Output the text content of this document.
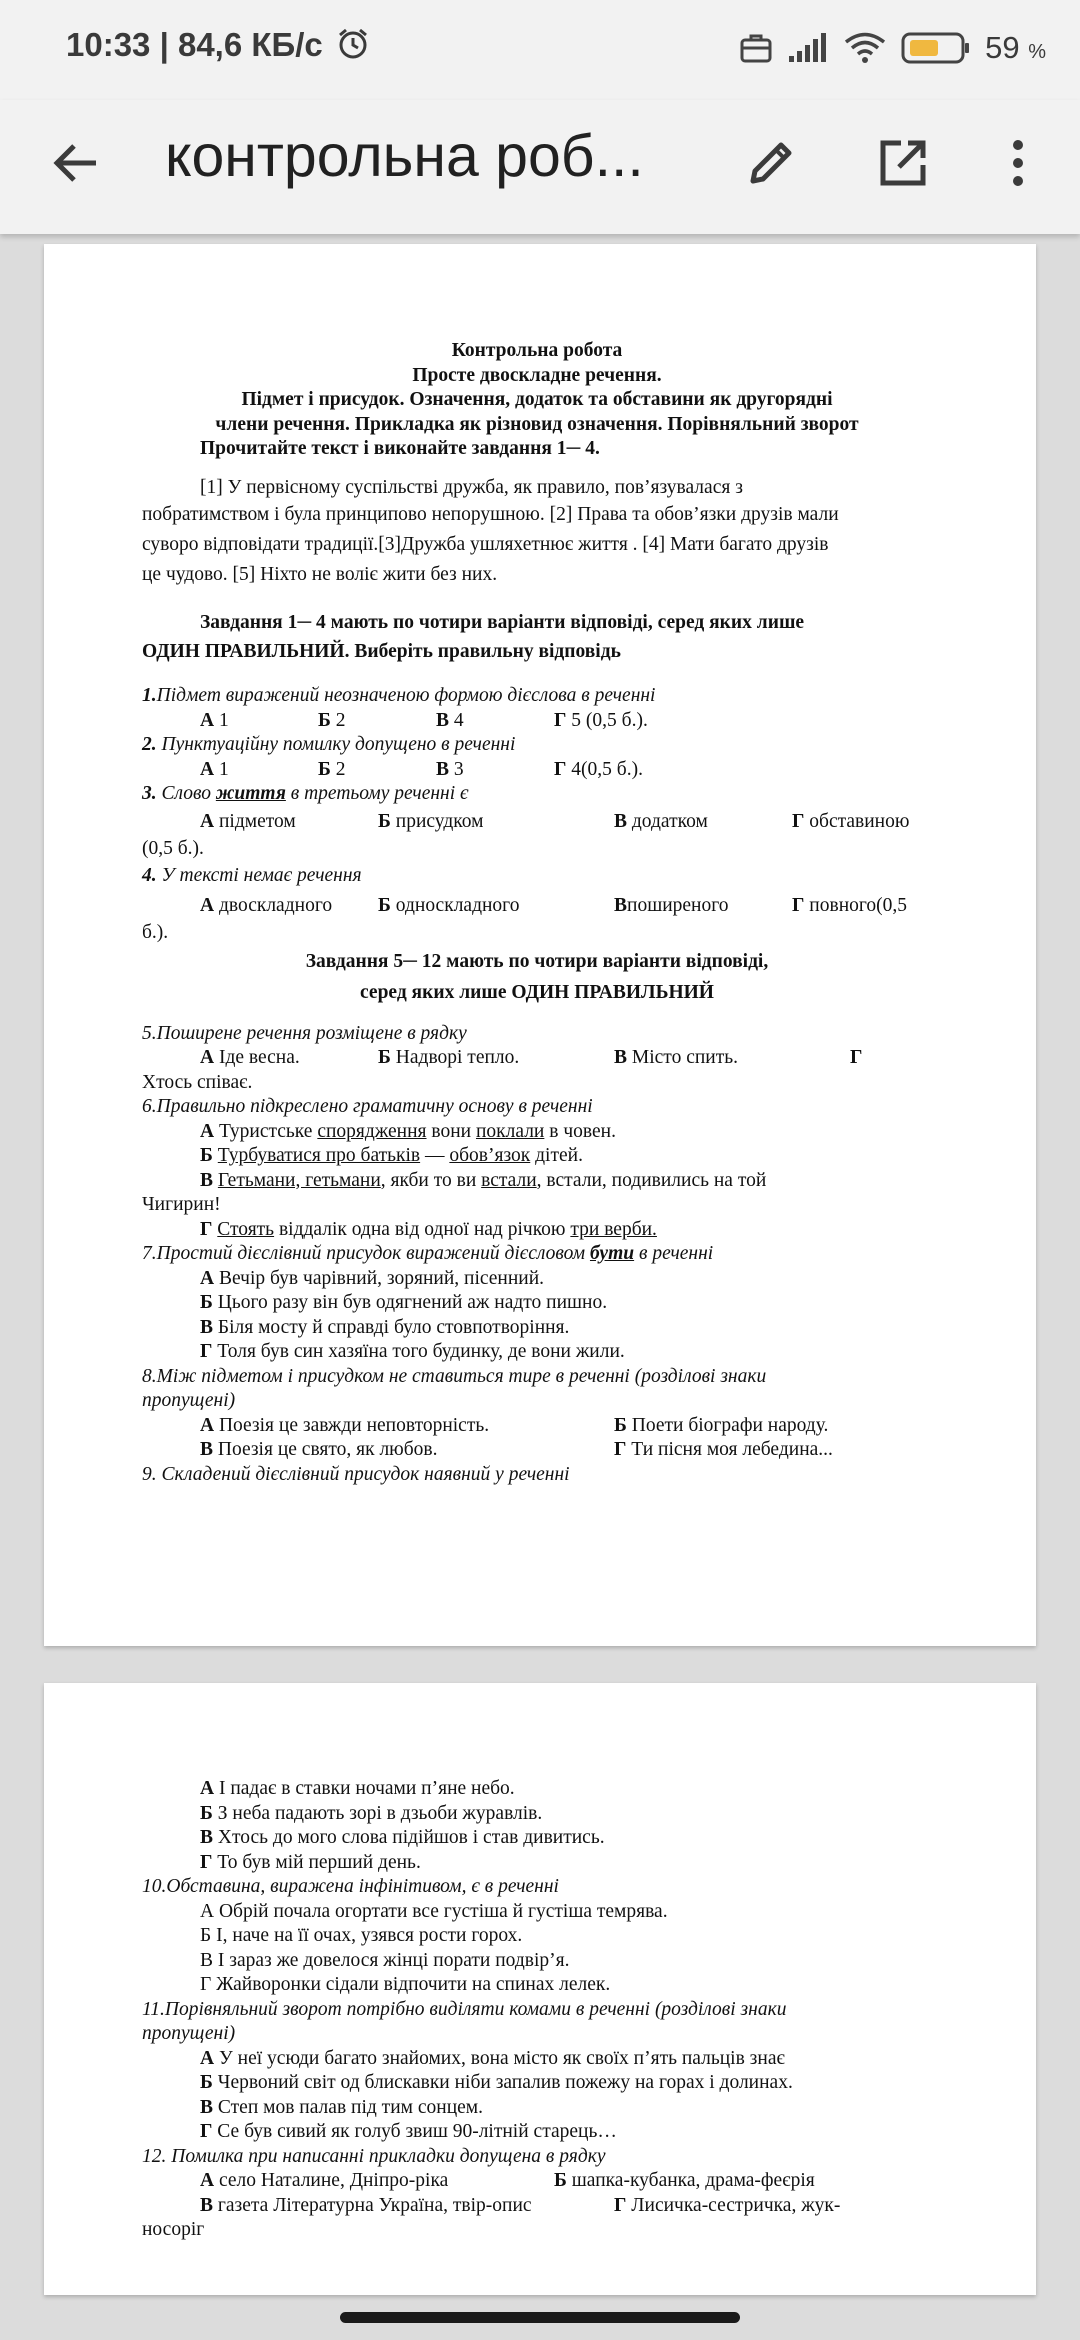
10:33 | 84,6 КБ/с	59 %
контрольна роб...
Контрольна робота
Просте двоскладне речення.
Підмет і присудок. Означення, додаток та обставини як другорядні
члени речення. Прикладка як різновид означення. Порівняльний зворот
Прочитайте текст і виконайте завдання 1─ 4.
[1] У первісному суспільстві дружба, як правило, пов’язувалася з
побратимством і була принципово непорушною. [2] Права та обов’язки друзів мали
суворо відповідати традиції.[3]Дружба ушляхетнює життя . [4] Мати багато друзів
це чудово. [5] Ніхто не воліє жити без них.
Завдання 1─ 4 мають по чотири варіанти відповіді, серед яких лише
ОДИН ПРАВИЛЬНИЙ. Виберіть правильну відповідь
1.Підмет виражений неозначеною формою дієслова в реченні
А 1	Б 2	В 4	Г 5 (0,5 б.).
2. Пунктуаційну помилку допущено в реченні
А 1	Б 2	В 3	Г 4(0,5 б.).
3. Слово життя в третьому реченні є
А підметом	Б присудком	В додатком	Г обставиною
(0,5 б.).
4. У тексті немає речення
А двоскладного Б односкладного	Впоширеного	Г повного(0,5
б.).
Завдання 5─ 12 мають по чотири варіанти відповіді,
серед яких лише ОДИН ПРАВИЛЬНИЙ
5.Поширене речення розміщене в рядку
А Іде весна.	Б Надворі тепло.	В Місто спить.	Г
Хтось співає.
6.Правильно підкреслено граматичну основу в реченні
А Туристське спорядження вони поклали в човен.
Б Турбуватися про батьків — обов’язок дітей.
В Гетьмани, гетьмани, якби то ви встали, встали, подивились на той
Чигирин!
Г Стоять віддалік одна від одної над річкою три верби.
7.Простий дієслівний присудок виражений дієсловом бути в реченні
А Вечір був чарівний, зоряний, пісенний.
Б Цього разу він був одягнений аж надто пишно.
В Біля мосту й справді було стовпотворіння.
Г Толя був син хазяїна того будинку, де вони жили.
8.Між підметом і присудком не ставиться тире в реченні (розділові знаки
пропущені)
А Поезія це завжди неповторність.	Б Поети біографи народу.
В Поезія це свято, як любов.	Г Ти пісня моя лебедина...
9. Складений дієслівний присудок наявний у реченні
А І падає в ставки ночами п’яне небо.
Б З неба падають зорі в дзьоби журавлів.
В Хтось до мого слова підійшов і став дивитись.
Г То був мій перший день.
10.Обставина, виражена інфінітивом, є в реченні
А Обрій почала огортати все густіша й густіша темрява.
Б І, наче на її очах, узявся рости горох.
В І зараз же довелося жінці порати подвір’я.
Г Жайворонки сідали відпочити на спинах лелек.
11.Порівняльний зворот потрібно виділяти комами в реченні (розділові знаки
пропущені)
А У неї усюди багато знайомих, вона місто як своїх п’ять пальців знає
Б Червоний світ од блискавки ніби запалив пожежу на горах і долинах.
В Степ мов палав під тим сонцем.
Г Се був сивий як голуб звиш 90-літній старець…
12. Помилка при написанні прикладки допущена в рядку
А село Наталине, Дніпро-ріка	Б шапка-кубанка, драма-феєрія
В газета Літературна Україна, твір-опис	Г Лисичка-сестричка, жук-
носоріг
